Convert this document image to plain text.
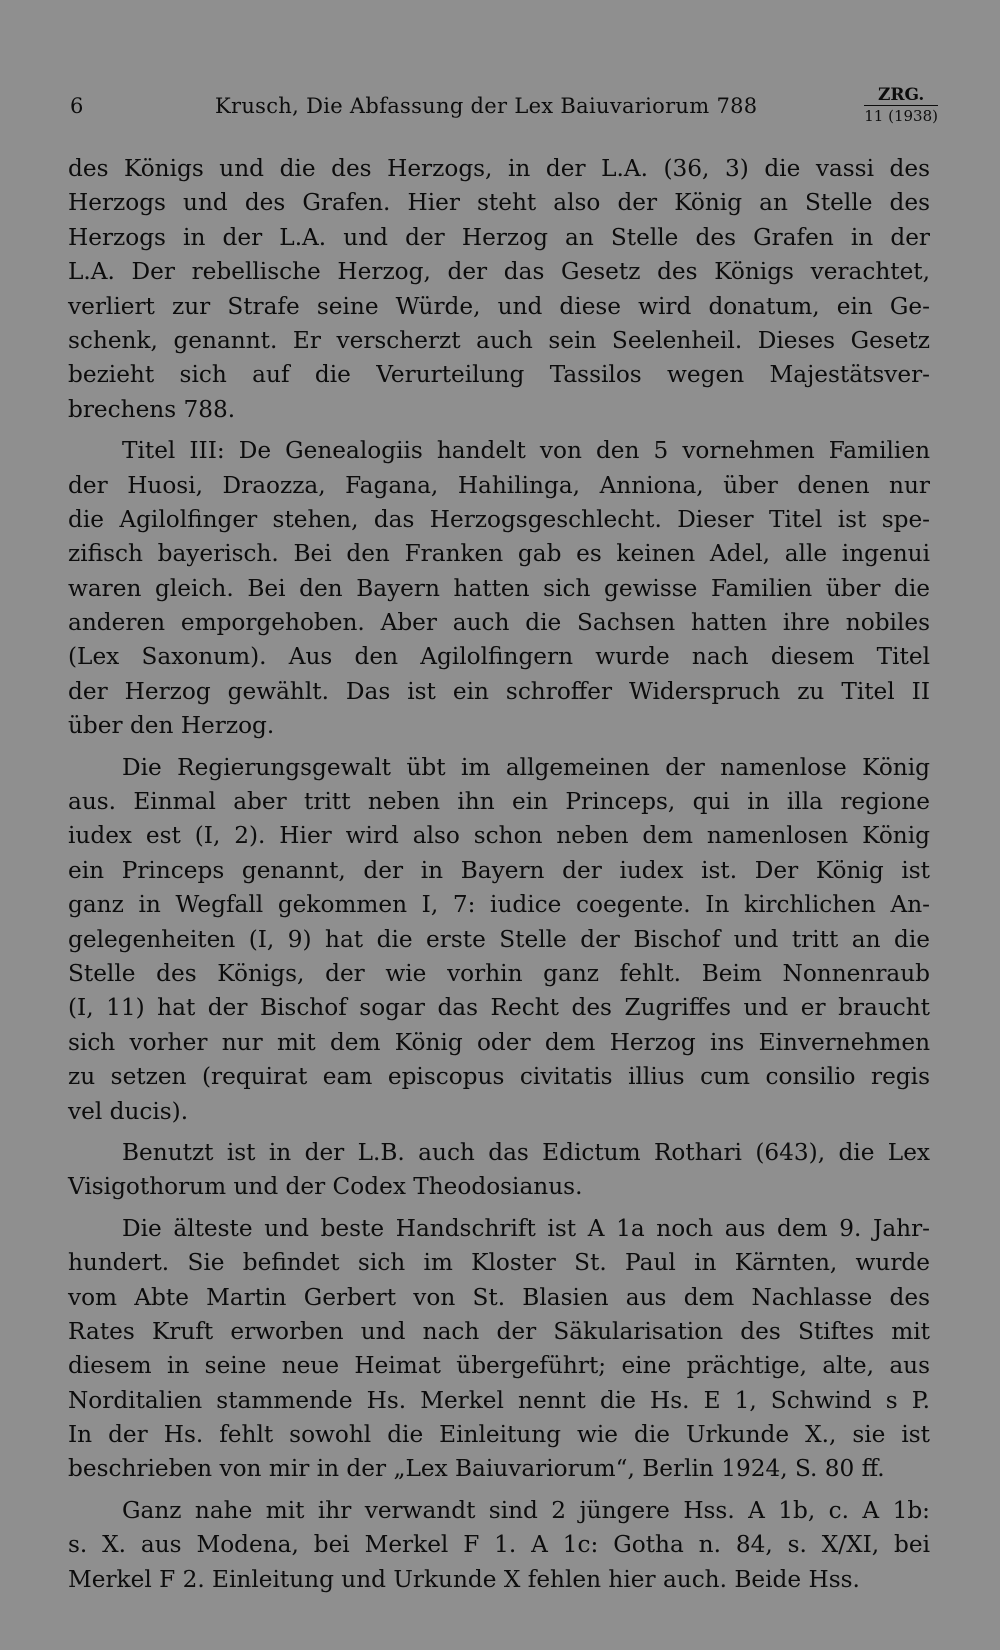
6	Krusch, Die Abfassung der Lex Baiuvariorum 788	ZRG.
11 (1938)
des Königs und die des Herzogs, in der L.A. (36, 3) die vassi des
Herzogs und des Grafen. Hier steht also der König an Stelle des
Herzogs in der L.A. und der Herzog an Stelle des Grafen in der
L.A. Der rebellische Herzog, der das Gesetz des Königs verachtet,
verliert zur Strafe seine Würde, und diese wird donatum, ein Ge-
schenk, genannt. Er verscherzt auch sein Seelenheil. Dieses Gesetz
bezieht sich auf die Verurteilung Tassilos wegen Majestätsver-
brechens 788.
Titel III: De Genealogiis handelt von den 5 vornehmen Familien
der Huosi, Draozza, Fagana, Hahilinga, Anniona, über denen nur
die Agilolfinger stehen, das Herzogsgeschlecht. Dieser Titel ist spe-
zifisch bayerisch. Bei den Franken gab es keinen Adel, alle ingenui
waren gleich. Bei den Bayern hatten sich gewisse Familien über die
anderen emporgehoben. Aber auch die Sachsen hatten ihre nobiles
(Lex Saxonum). Aus den Agilolfingern wurde nach diesem Titel
der Herzog gewählt. Das ist ein schroffer Widerspruch zu Titel II
über den Herzog.
Die Regierungsgewalt übt im allgemeinen der namenlose König
aus. Einmal aber tritt neben ihn ein Princeps, qui in illa regione
iudex est (I, 2). Hier wird also schon neben dem namenlosen König
ein Princeps genannt, der in Bayern der iudex ist. Der König ist
ganz in Wegfall gekommen I, 7: iudice coegente. In kirchlichen An-
gelegenheiten (I, 9) hat die erste Stelle der Bischof und tritt an die
Stelle des Königs, der wie vorhin ganz fehlt. Beim Nonnenraub
(I, 11) hat der Bischof sogar das Recht des Zugriffes und er braucht
sich vorher nur mit dem König oder dem Herzog ins Einvernehmen
zu setzen (requirat eam episcopus civitatis illius cum consilio regis
vel ducis).
Benutzt ist in der L.B. auch das Edictum Rothari (643), die Lex
Visigothorum und der Codex Theodosianus.
Die älteste und beste Handschrift ist A 1a noch aus dem 9. Jahr-
hundert. Sie befindet sich im Kloster St. Paul in Kärnten, wurde
vom Abte Martin Gerbert von St. Blasien aus dem Nachlasse des
Rates Kruft erworben und nach der Säkularisation des Stiftes mit
diesem in seine neue Heimat übergeführt; eine prächtige, alte, aus
Norditalien stammende Hs. Merkel nennt die Hs. E 1, Schwind s P.
In der Hs. fehlt sowohl die Einleitung wie die Urkunde X., sie ist
beschrieben von mir in der „Lex Baiuvariorum“, Berlin 1924, S. 80 ff.
Ganz nahe mit ihr verwandt sind 2 jüngere Hss. A 1b, c. A 1b:
s. X. aus Modena, bei Merkel F 1. A 1c: Gotha n. 84, s. X/XI, bei
Merkel F 2. Einleitung und Urkunde X fehlen hier auch. Beide Hss.
